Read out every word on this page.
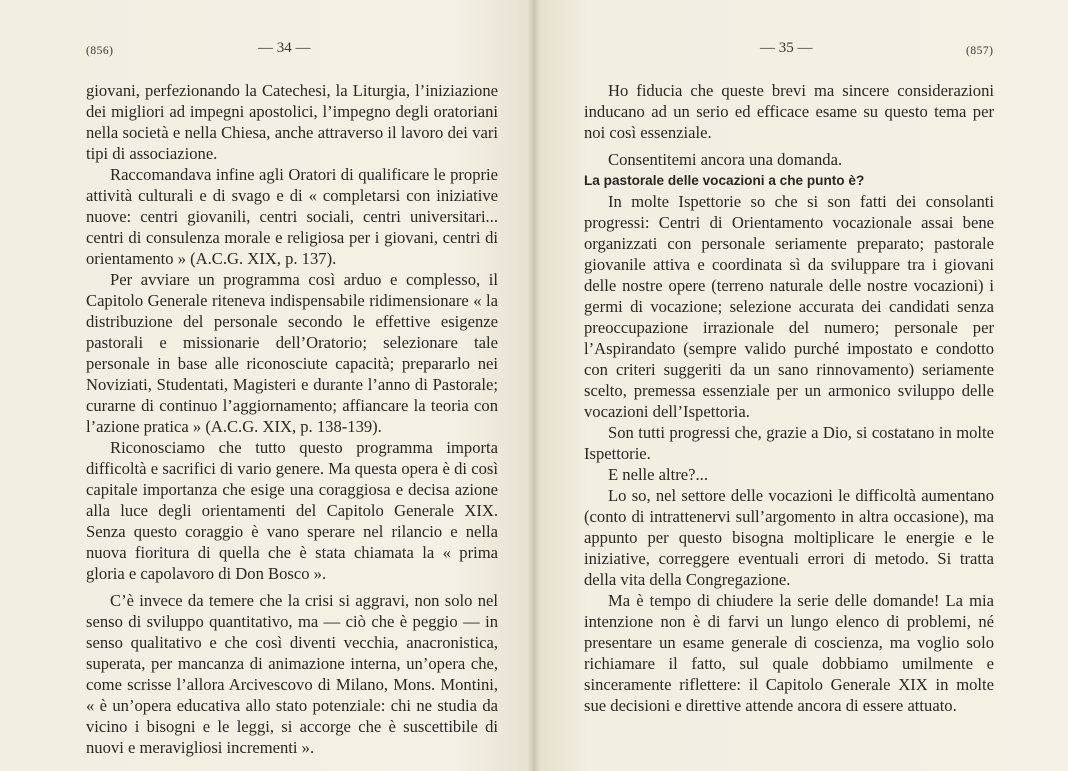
(856)	— 34 —

giovani, perfezionando la Catechesi, la Liturgia, l’iniziazione dei migliori ad impegni apostolici, l’impegno degli oratoriani nella società e nella Chiesa, anche attraverso il lavoro dei vari tipi di associazione.

Raccomandava infine agli Oratori di qualificare le proprie attività culturali e di svago e di « completarsi con iniziative nuove: centri giovanili, centri sociali, centri universitari... centri di consulenza morale e religiosa per i giovani, centri di orientamento » (A.C.G. XIX, p. 137).

Per avviare un programma così arduo e complesso, il Capitolo Generale riteneva indispensabile ridimensionare « la distribuzione del personale secondo le effettive esigenze pastorali e missionarie dell’Oratorio; selezionare tale personale in base alle riconosciute capacità; prepararlo nei Noviziati, Studentati, Magisteri e durante l’anno di Pastorale; curarne di continuo l’aggiornamento; affiancare la teoria con l’azione pratica » (A.C.G. XIX, p. 138-139).

Riconosciamo che tutto questo programma importa difficoltà e sacrifici di vario genere. Ma questa opera è di così capitale importanza che esige una coraggiosa e decisa azione alla luce degli orientamenti del Capitolo Generale XIX. Senza questo coraggio è vano sperare nel rilancio e nella nuova fioritura di quella che è stata chiamata la « prima gloria e capolavoro di Don Bosco ».

C’è invece da temere che la crisi si aggravi, non solo nel senso di sviluppo quantitativo, ma — ciò che è peggio — in senso qualitativo e che così diventi vecchia, anacronistica, superata, per mancanza di animazione interna, un’opera che, come scrisse l’allora Arcivescovo di Milano, Mons. Montini, « è un’opera educativa allo stato potenziale: chi ne studia da vicino i bisogni e le leggi, si accorge che è suscettibile di nuovi e meravigliosi incrementi ».

— 35 —	(857)

Ho fiducia che queste brevi ma sincere considerazioni inducano ad un serio ed efficace esame su questo tema per noi così essenziale.

Consentitemi ancora una domanda.

La pastorale delle vocazioni a che punto è?

In molte Ispettorie so che si son fatti dei consolanti progressi: Centri di Orientamento vocazionale assai bene organizzati con personale seriamente preparato; pastorale giovanile attiva e coordinata sì da sviluppare tra i giovani delle nostre opere (terreno naturale delle nostre vocazioni) i germi di vocazione; selezione accurata dei candidati senza preoccupazione irrazionale del numero; personale per l’Aspirandato (sempre valido purché impostato e condotto con criteri suggeriti da un sano rinnovamento) seriamente scelto, premessa essenziale per un armonico sviluppo delle vocazioni dell’Ispettoria.

Son tutti progressi che, grazie a Dio, si costatano in molte Ispettorie.

E nelle altre?...

Lo so, nel settore delle vocazioni le difficoltà aumentano (conto di intrattenervi sull’argomento in altra occasione), ma appunto per questo bisogna moltiplicare le energie e le iniziative, correggere eventuali errori di metodo. Si tratta della vita della Congregazione.

Ma è tempo di chiudere la serie delle domande! La mia intenzione non è di farvi un lungo elenco di problemi, né presentare un esame generale di coscienza, ma voglio solo richiamare il fatto, sul quale dobbiamo umilmente e sinceramente riflettere: il Capitolo Generale XIX in molte sue decisioni e direttive attende ancora di essere attuato.
